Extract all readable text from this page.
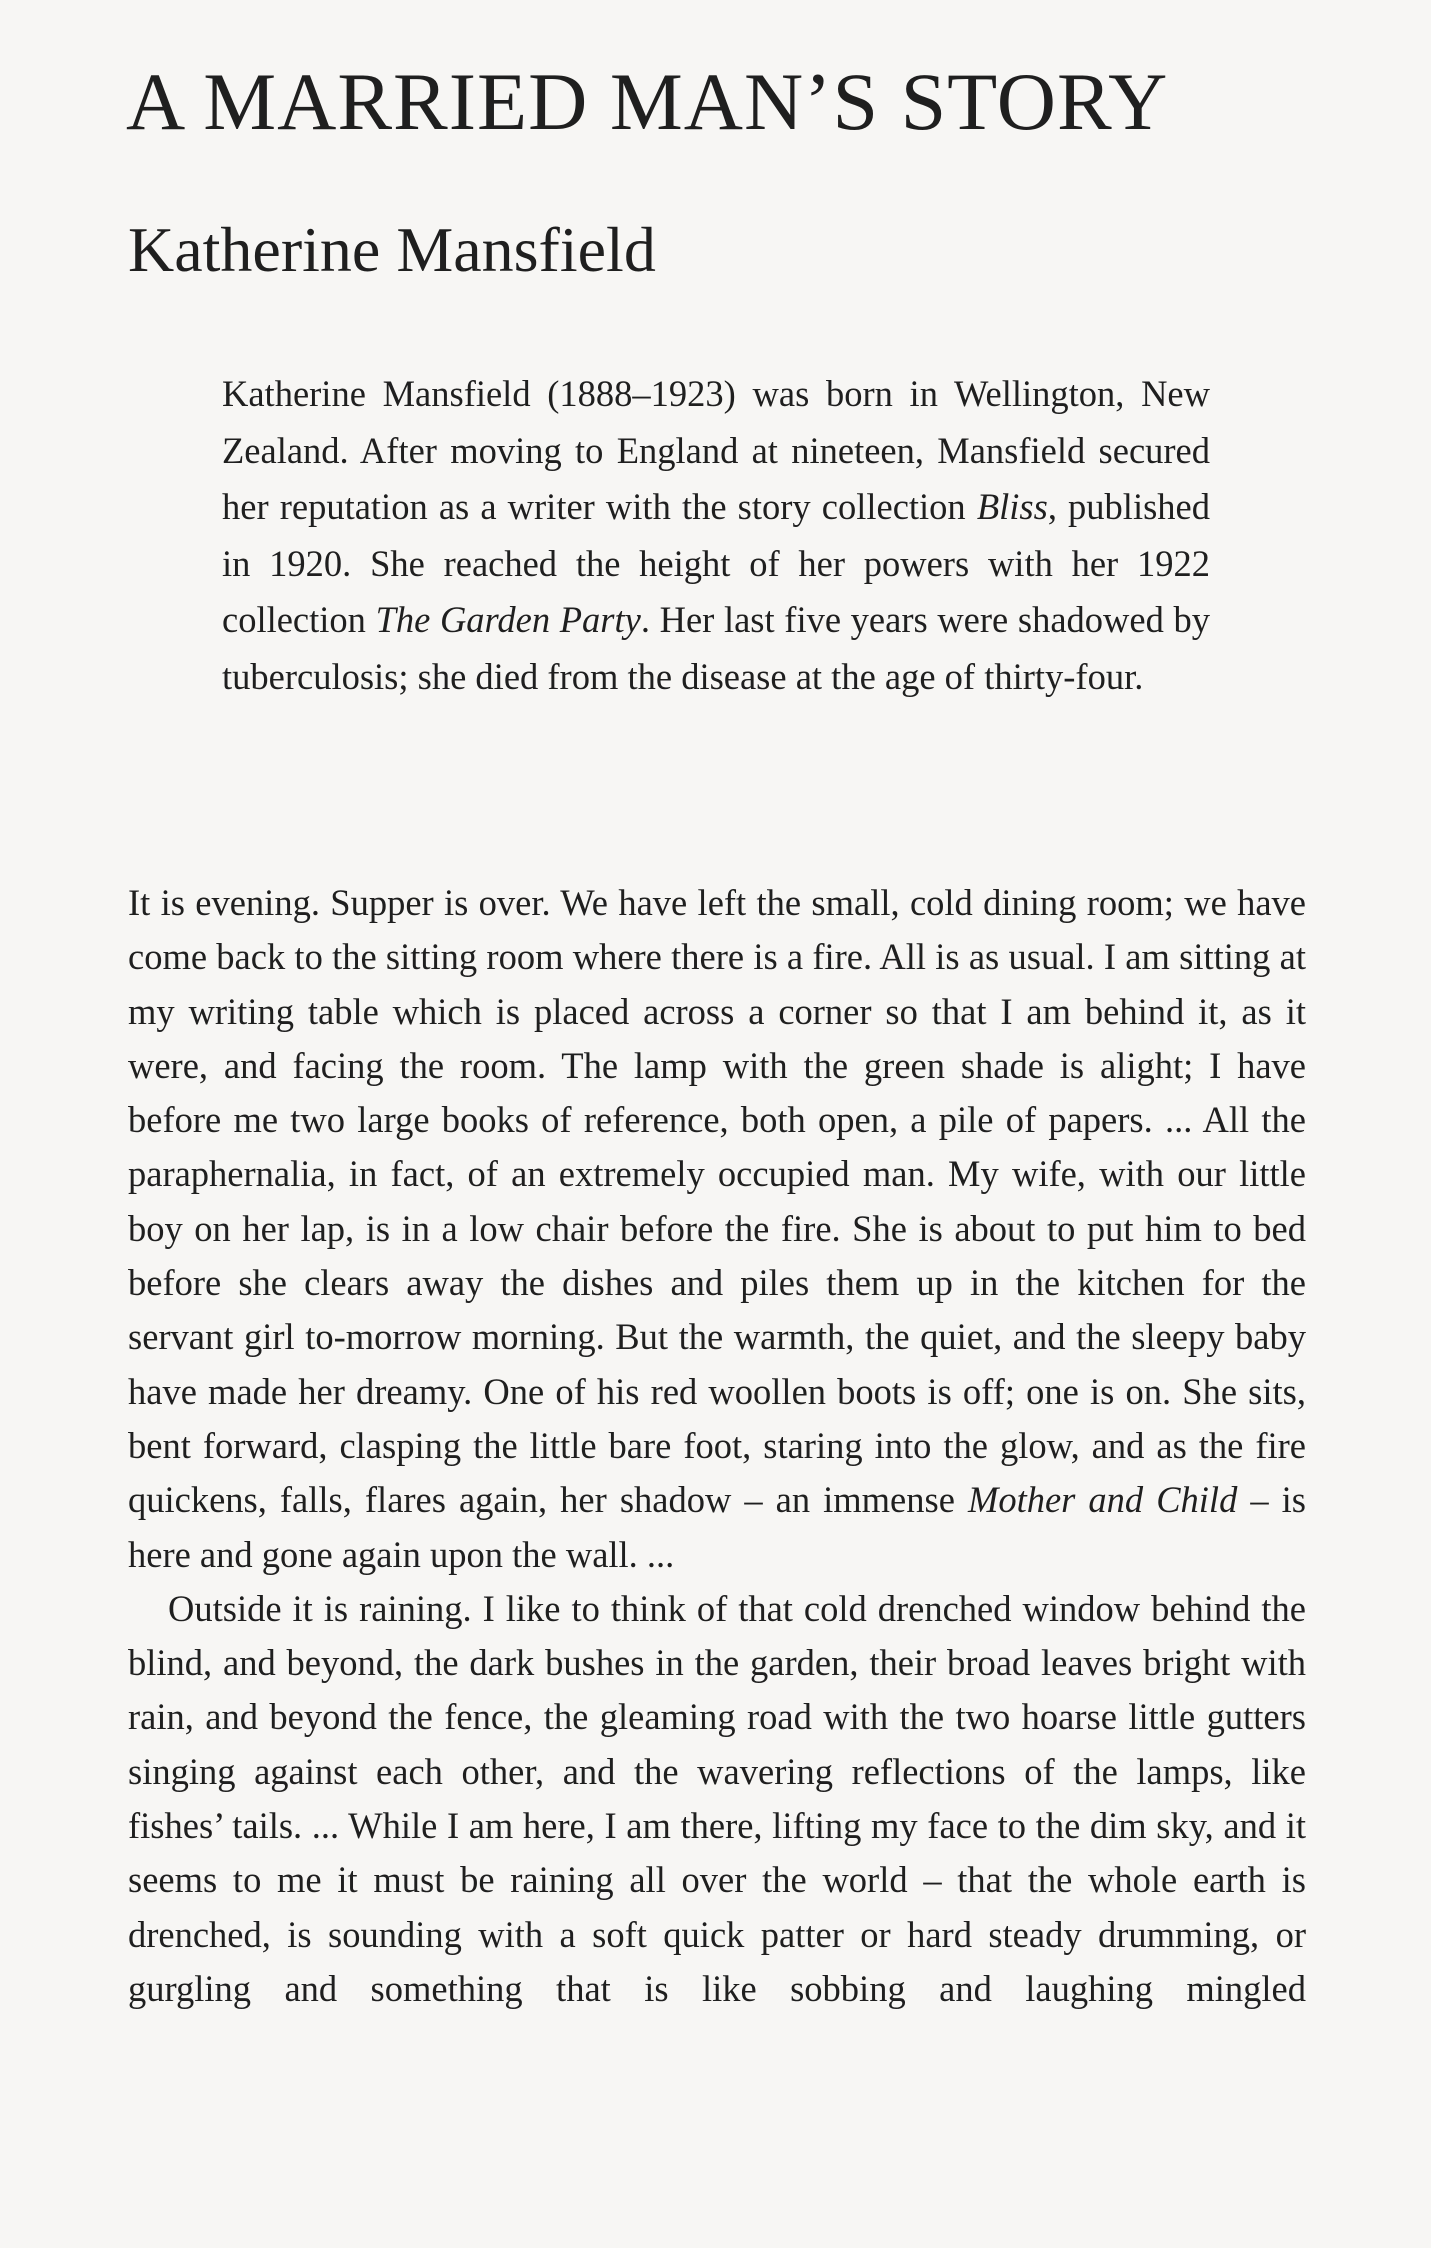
A MARRIED MAN’S STORY
Katherine Mansfield

Katherine Mansfield (1888–1923) was born in Wellington, New Zealand. After moving to England at nineteen, Mansfield secured her reputation as a writer with the story collection Bliss, published in 1920. She reached the height of her powers with her 1922 collection The Garden Party. Her last five years were shadowed by tuberculosis; she died from the disease at the age of thirty-four.

It is evening. Supper is over. We have left the small, cold dining room; we have come back to the sitting room where there is a fire. All is as usual. I am sitting at my writing table which is placed across a corner so that I am behind it, as it were, and facing the room. The lamp with the green shade is alight; I have before me two large books of reference, both open, a pile of papers. ... All the paraphernalia, in fact, of an extremely occupied man. My wife, with our little boy on her lap, is in a low chair before the fire. She is about to put him to bed before she clears away the dishes and piles them up in the kitchen for the servant girl to-morrow morning. But the warmth, the quiet, and the sleepy baby have made her dreamy. One of his red woollen boots is off; one is on. She sits, bent forward, clasping the little bare foot, staring into the glow, and as the fire quickens, falls, flares again, her shadow – an immense Mother and Child – is here and gone again upon the wall. ...

Outside it is raining. I like to think of that cold drenched window behind the blind, and beyond, the dark bushes in the garden, their broad leaves bright with rain, and beyond the fence, the gleaming road with the two hoarse little gutters singing against each other, and the wavering reflections of the lamps, like fishes’ tails. ... While I am here, I am there, lifting my face to the dim sky, and it seems to me it must be raining all over the world – that the whole earth is drenched, is sounding with a soft quick patter or hard steady drumming, or gurgling and something that is like sobbing and laughing mingled
